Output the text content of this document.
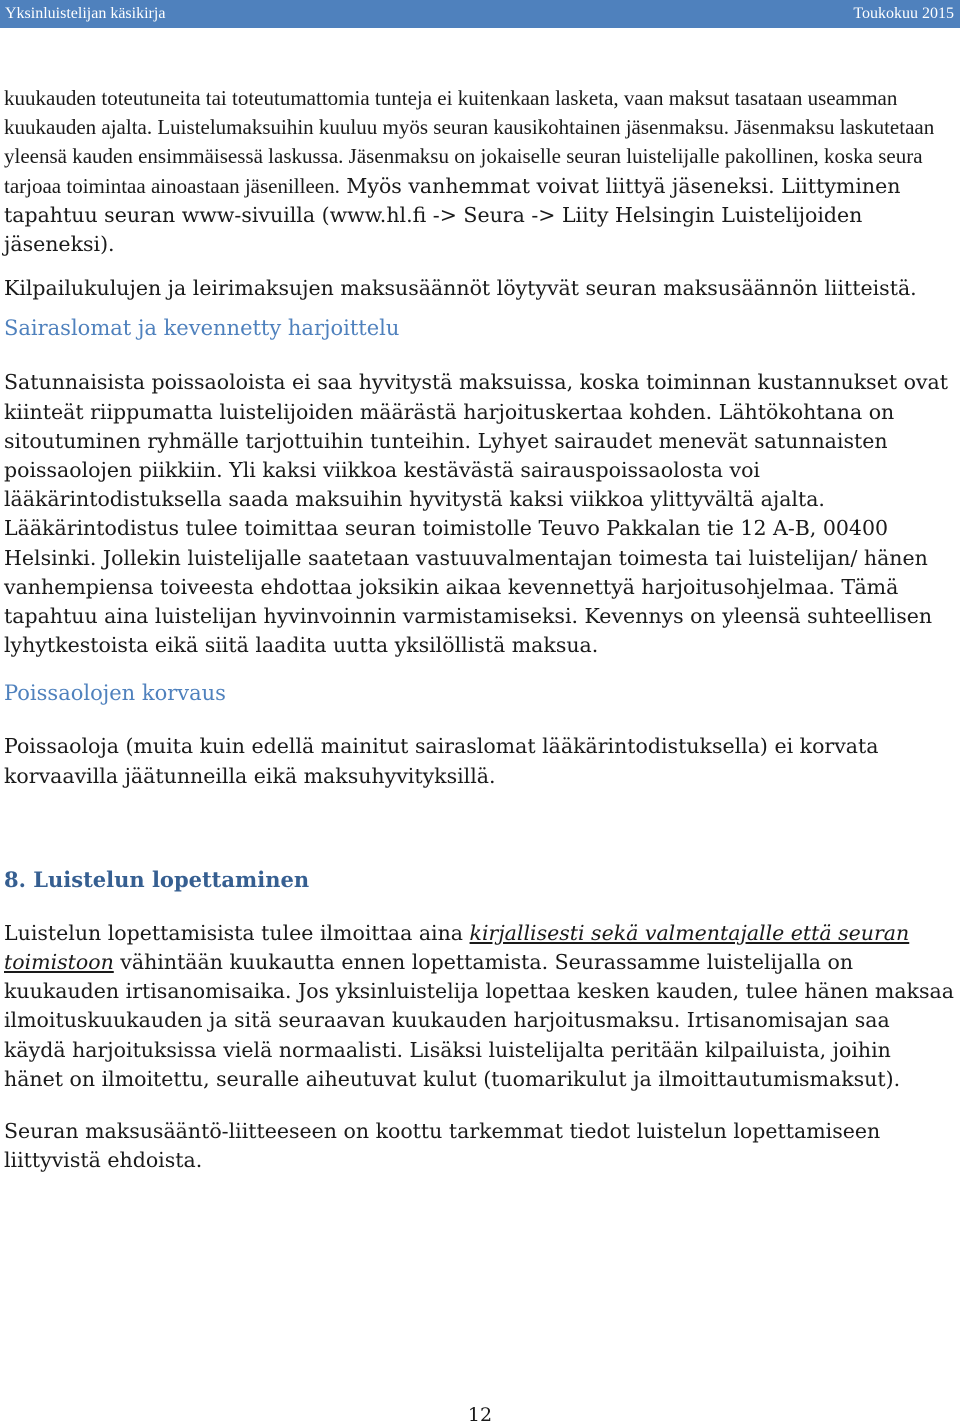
Yksinluistelijan käsikirja	Toukokuu 2015

kuukauden toteutuneita tai toteutumattomia tunteja ei kuitenkaan lasketa, vaan maksut tasataan useamman kuukauden ajalta. Luistelumaksuihin kuuluu myös seuran kausikohtainen jäsenmaksu. Jäsenmaksu laskutetaan yleensä kauden ensimmäisessä laskussa. Jäsenmaksu on jokaiselle seuran luistelijalle pakollinen, koska seura tarjoaa toimintaa ainoastaan jäsenilleen. Myös vanhemmat voivat liittyä jäseneksi. Liittyminen tapahtuu seuran www-sivuilla (www.hl.fi -> Seura -> Liity Helsingin Luistelijoiden jäseneksi).

Kilpailukulujen ja leirimaksujen maksusäännöt löytyvät seuran maksusäännön liitteistä.

Sairaslomat ja kevennetty harjoittelu

Satunnaisista poissaoloista ei saa hyvitystä maksuissa, koska toiminnan kustannukset ovat kiinteät riippumatta luistelijoiden määrästä harjoituskertaa kohden. Lähtökohtana on sitoutuminen ryhmälle tarjottuihin tunteihin. Lyhyet sairaudet menevät satunnaisten poissaolojen piikkiin. Yli kaksi viikkoa kestävästä sairauspoissaolosta voi lääkärintodistuksella saada maksuihin hyvitystä kaksi viikkoa ylittyvältä ajalta. Lääkärintodistus tulee toimittaa seuran toimistolle Teuvo Pakkalan tie 12 A-B, 00400 Helsinki. Jollekin luistelijalle saatetaan vastuuvalmentajan toimesta tai luistelijan/ hänen vanhempiensa toiveesta ehdottaa joksikin aikaa kevennettyä harjoitusohjelmaa. Tämä tapahtuu aina luistelijan hyvinvoinnin varmistamiseksi. Kevennys on yleensä suhteellisen lyhytkestoista eikä siitä laadita uutta yksilöllistä maksua.

Poissaolojen korvaus

Poissaoloja (muita kuin edellä mainitut sairaslomat lääkärintodistuksella) ei korvata korvaavilla jäätunneilla eikä maksuhyvityksillä.

8. Luistelun lopettaminen

Luistelun lopettamisista tulee ilmoittaa aina kirjallisesti sekä valmentajalle että seuran toimistoon vähintään kuukautta ennen lopettamista. Seurassamme luistelijalla on kuukauden irtisanomisaika. Jos yksinluistelija lopettaa kesken kauden, tulee hänen maksaa ilmoituskuukauden ja sitä seuraavan kuukauden harjoitusmaksu. Irtisanomisajan saa käydä harjoituksissa vielä normaalisti. Lisäksi luistelijalta peritään kilpailuista, joihin hänet on ilmoitettu, seuralle aiheutuvat kulut (tuomarikulut ja ilmoittautumismaksut).

Seuran maksusääntö-liitteeseen on koottu tarkemmat tiedot luistelun lopettamiseen liittyvistä ehdoista.

12
